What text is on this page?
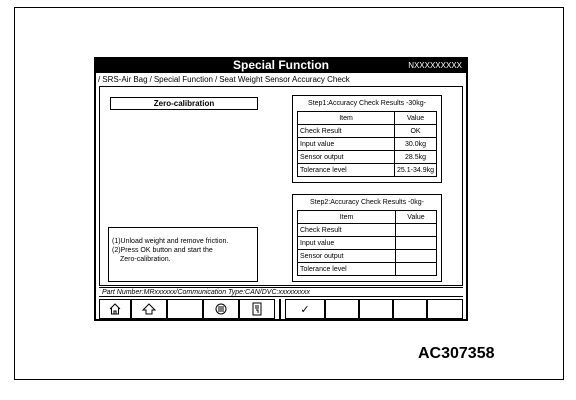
Special Function	NXXXXXXXXX
/ SRS-Air Bag / Special Function / Seat Weight Sensor Accuracy Check
Zero-calibration
(1)Unload weight and remove friction.
(2)Press OK button and start the
Zero-calibration.
Step1:Accuracy Check Results -30kg-
Item	Value
Check Result	OK
Input value	30.0kg
Sensor output	28.5kg
Tolerance level	25.1-34.9kg
Step2:Accuracy Check Results -0kg-
Item	Value
Check Result	
Input value	
Sensor output	
Tolerance level	
Part Number:MRxxxxxx/Communication Type:CAN/DVC:xxxxxxxxx
✓
AC307358
